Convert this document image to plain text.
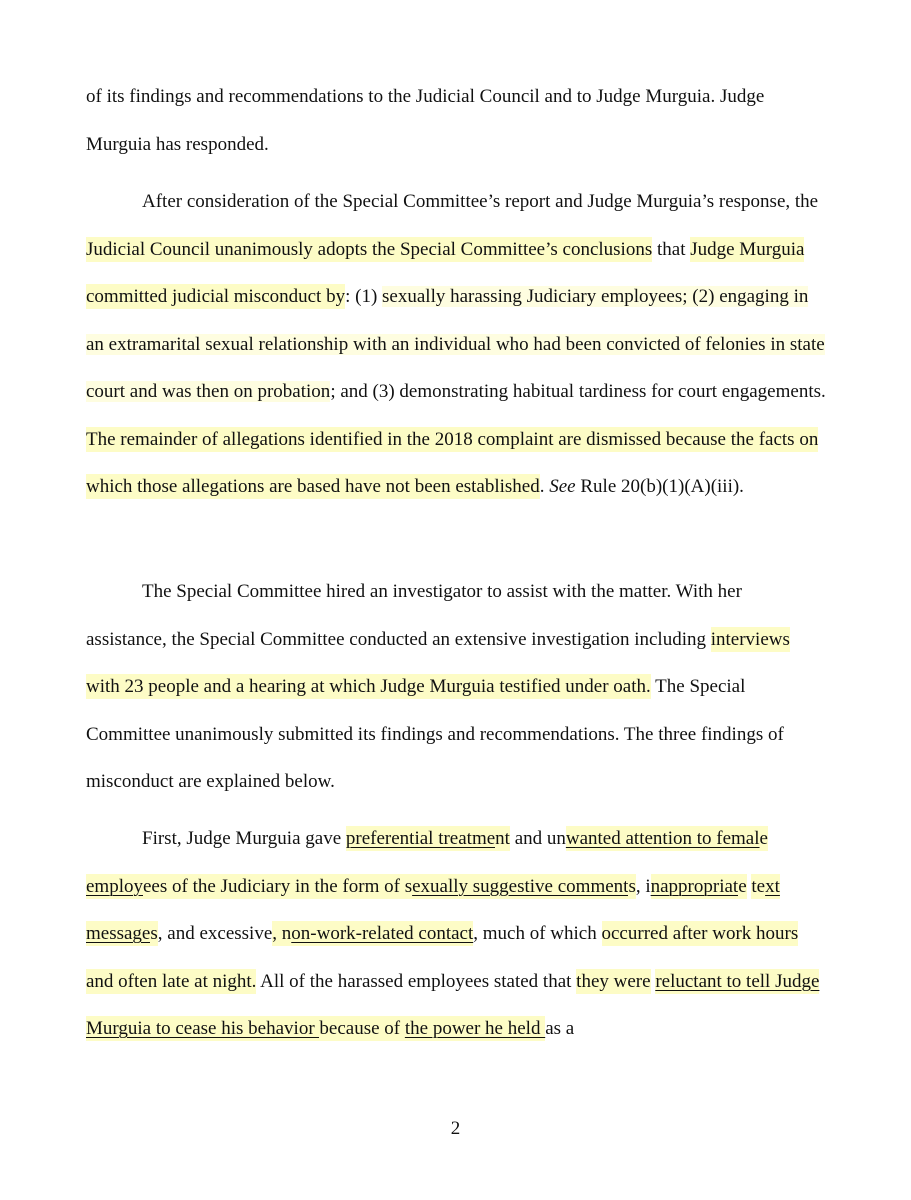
of its findings and recommendations to the Judicial Council and to Judge Murguia. Judge Murguia has responded.

After consideration of the Special Committee’s report and Judge Murguia’s response, the Judicial Council unanimously adopts the Special Committee’s conclusions that Judge Murguia committed judicial misconduct by: (1) sexually harassing Judiciary employees; (2) engaging in an extramarital sexual relationship with an individual who had been convicted of felonies in state court and was then on probation; and (3) demonstrating habitual tardiness for court engagements. The remainder of allegations identified in the 2018 complaint are dismissed because the facts on which those allegations are based have not been established. See Rule 20(b)(1)(A)(iii).

The Special Committee hired an investigator to assist with the matter. With her assistance, the Special Committee conducted an extensive investigation including interviews with 23 people and a hearing at which Judge Murguia testified under oath. The Special Committee unanimously submitted its findings and recommendations. The three findings of misconduct are explained below.

First, Judge Murguia gave preferential treatment and unwanted attention to female employees of the Judiciary in the form of sexually suggestive comments, inappropriate text messages, and excessive, non-work-related contact, much of which occurred after work hours and often late at night. All of the harassed employees stated that they were reluctant to tell Judge Murguia to cease his behavior because of the power he held as a

2
